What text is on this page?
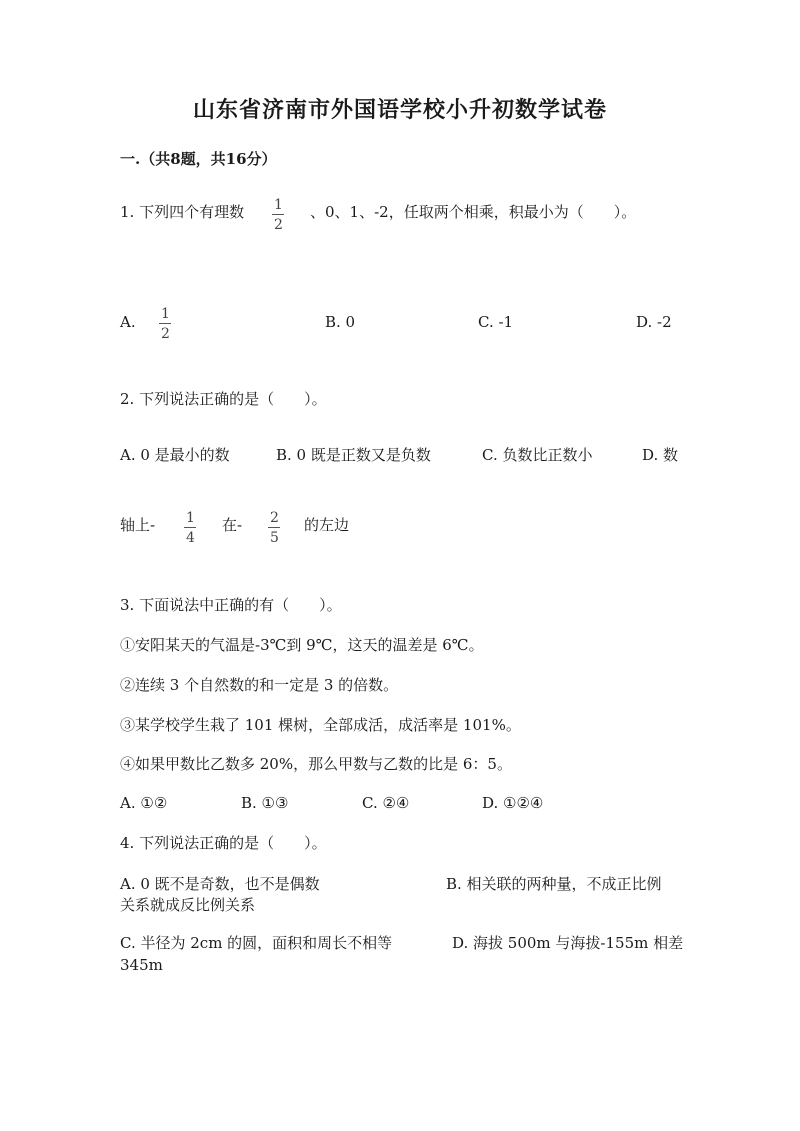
山东省济南市外国语学校小升初数学试卷
一.（共8题，共16分）
1. 下列四个有理数 1
2
、0、1、-2，任取两个相乘，积最小为（　　）。
A. 1
2
B. 0	C. -1	D. -2
2. 下列说法正确的是（　　）。
A. 0 是最小的数	B. 0 既是正数又是负数	C. 负数比正数小	D. 数
轴上- 1
4
在- 2
5
的左边
3. 下面说法中正确的有（　　）。
①安阳某天的气温是-3℃到 9℃，这天的温差是 6℃。
②连续 3 个自然数的和一定是 3 的倍数。
③某学校学生栽了 101 棵树，全部成活，成活率是 101%。
④如果甲数比乙数多 20%，那么甲数与乙数的比是 6：5。
A. ①②	B. ①③	C. ②④	D. ①②④
4. 下列说法正确的是（　　）。
A. 0 既不是奇数，也不是偶数	B. 相关联的两种量，不成正比例
关系就成反比例关系
C. 半径为 2cm 的圆，面积和周长不相等	D. 海拔 500m 与海拔-155m 相差
345m
